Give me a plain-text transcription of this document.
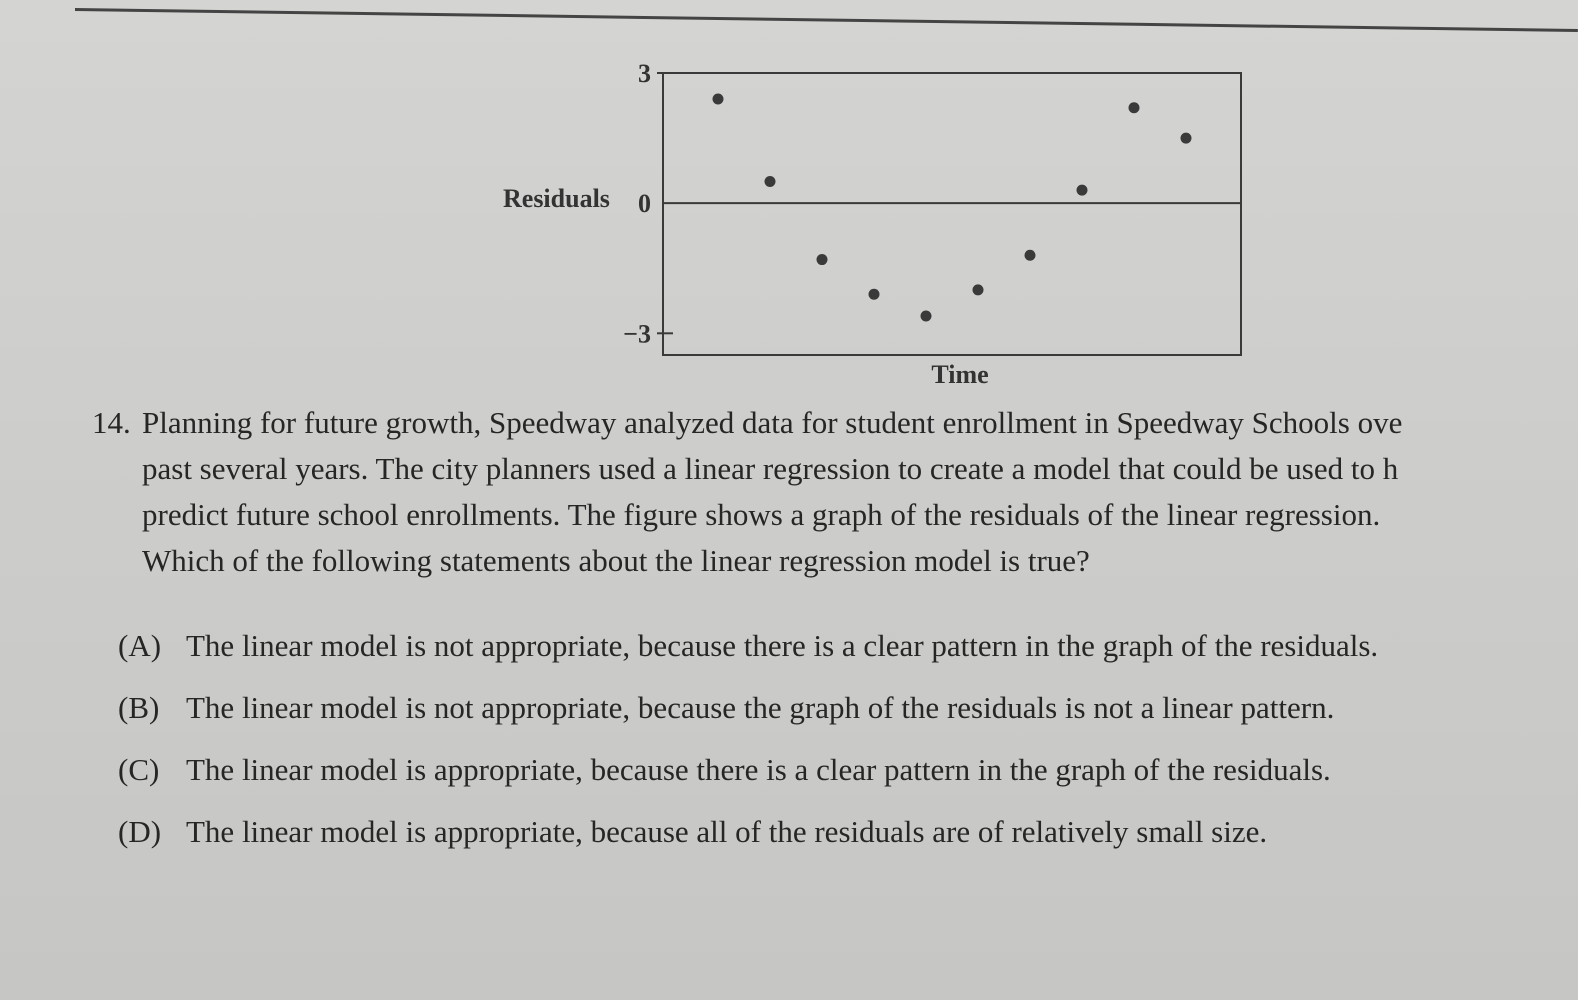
Residuals
Time
3
0
−3
14. Planning for future growth, Speedway analyzed data for student enrollment in Speedway Schools ove
past several years. The city planners used a linear regression to create a model that could be used to h
predict future school enrollments. The figure shows a graph of the residuals of the linear regression.
Which of the following statements about the linear regression model is true?
(A) The linear model is not appropriate, because there is a clear pattern in the graph of the residuals.
(B) The linear model is not appropriate, because the graph of the residuals is not a linear pattern.
(C) The linear model is appropriate, because there is a clear pattern in the graph of the residuals.
(D) The linear model is appropriate, because all of the residuals are of relatively small size.
